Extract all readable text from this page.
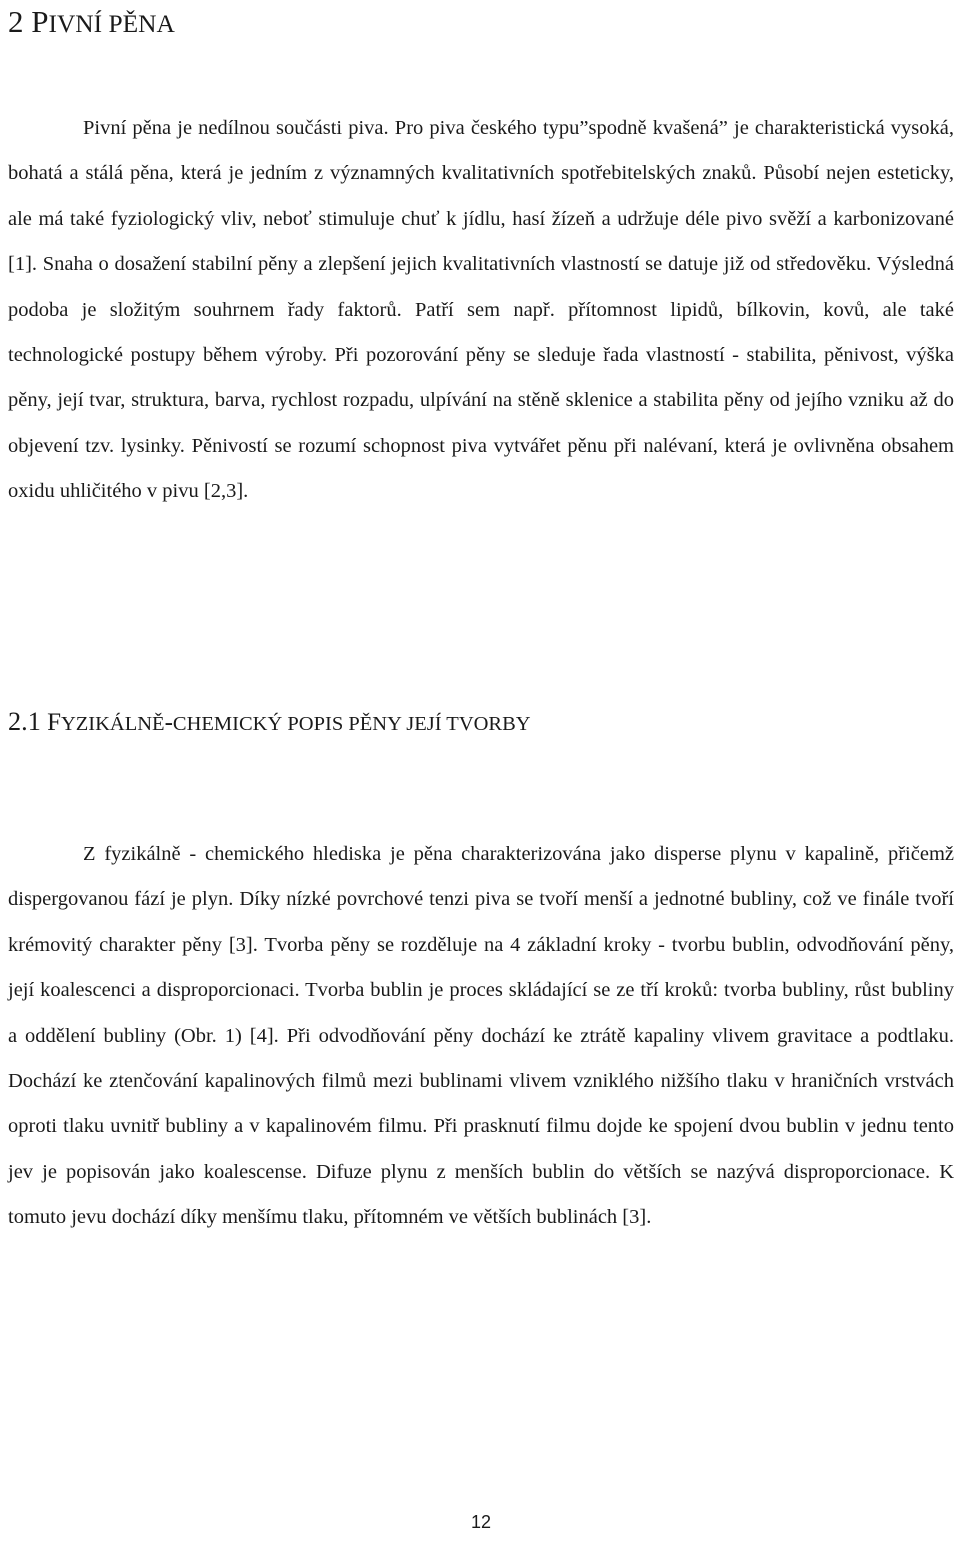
2 PIVNÍ PĚNA

Pivní pěna je nedílnou součásti piva. Pro piva českého typu”spodně kvašená” je charakteristická vysoká, bohatá a stálá pěna, která je jedním z významných kvalitativních spotřebitelských znaků. Působí nejen esteticky, ale má také fyziologický vliv, neboť stimuluje chuť k jídlu, hasí žízeň a udržuje déle pivo svěží a karbonizované [1]. Snaha o dosažení stabilní pěny a zlepšení jejich kvalitativních vlastností se datuje již od středověku. Výsledná podoba je složitým souhrnem řady faktorů. Patří sem např. přítomnost lipidů, bílkovin, kovů, ale také technologické postupy během výroby. Při pozorování pěny se sleduje řada vlastností - stabilita, pěnivost, výška pěny, její tvar, struktura, barva, rychlost rozpadu, ulpívání na stěně sklenice a stabilita pěny od jejího vzniku až do objevení tzv. lysinky. Pěnivostí se rozumí schopnost piva vytvářet pěnu při nalévaní, která je ovlivněna obsahem oxidu uhličitého v pivu [2,3].

2.1 FYZIKÁLNĚ-CHEMICKÝ POPIS PĚNY JEJÍ TVORBY

Z fyzikálně - chemického hlediska je pěna charakterizována jako disperse plynu v kapalině, přičemž dispergovanou fází je plyn. Díky nízké povrchové tenzi piva se tvoří menší a jednotné bubliny, což ve finále tvoří krémovitý charakter pěny [3]. Tvorba pěny se rozděluje na 4 základní kroky - tvorbu bublin, odvodňování pěny, její koalescenci a disproporcionaci. Tvorba bublin je proces skládající se ze tří kroků: tvorba bubliny, růst bubliny a oddělení bubliny (Obr. 1) [4]. Při odvodňování pěny dochází ke ztrátě kapaliny vlivem gravitace a podtlaku. Dochází ke ztenčování kapalinových filmů mezi bublinami vlivem vzniklého nižšího tlaku v hraničních vrstvách oproti tlaku uvnitř bubliny a v kapalinovém filmu. Při prasknutí filmu dojde ke spojení dvou bublin v jednu tento jev je popisován jako koalescense. Difuze plynu z menších bublin do větších se nazývá disproporcionace. K tomuto jevu dochází díky menšímu tlaku, přítomném ve větších bublinách [3].

12
